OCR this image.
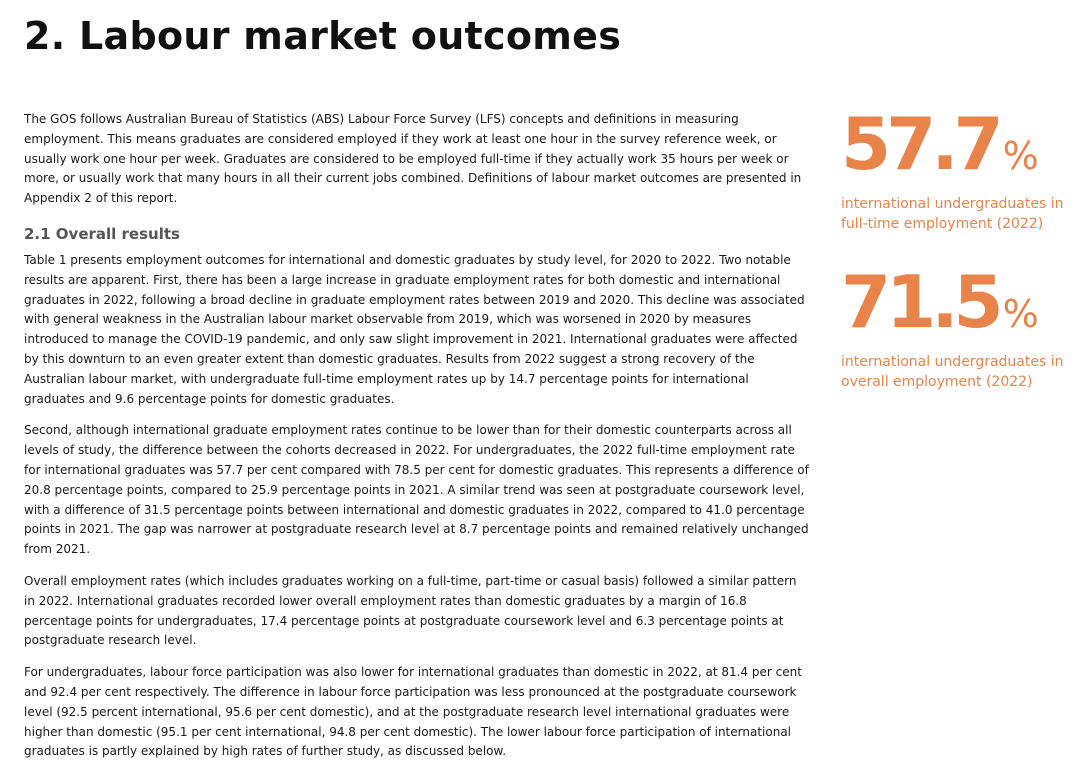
2. Labour market outcomes

The GOS follows Australian Bureau of Statistics (ABS) Labour Force Survey (LFS) concepts and definitions in measuring employment. This means graduates are considered employed if they work at least one hour in the survey reference week, or usually work one hour per week. Graduates are considered to be employed full-time if they actually work 35 hours per week or more, or usually work that many hours in all their current jobs combined. Definitions of labour market outcomes are presented in Appendix 2 of this report.

2.1 Overall results

Table 1 presents employment outcomes for international and domestic graduates by study level, for 2020 to 2022. Two notable results are apparent. First, there has been a large increase in graduate employment rates for both domestic and international graduates in 2022, following a broad decline in graduate employment rates between 2019 and 2020. This decline was associated with general weakness in the Australian labour market observable from 2019, which was worsened in 2020 by measures introduced to manage the COVID-19 pandemic, and only saw slight improvement in 2021. International graduates were affected by this downturn to an even greater extent than domestic graduates. Results from 2022 suggest a strong recovery of the Australian labour market, with undergraduate full-time employment rates up by 14.7 percentage points for international graduates and 9.6 percentage points for domestic graduates.

Second, although international graduate employment rates continue to be lower than for their domestic counterparts across all levels of study, the difference between the cohorts decreased in 2022. For undergraduates, the 2022 full-time employment rate for international graduates was 57.7 per cent compared with 78.5 per cent for domestic graduates. This represents a difference of 20.8 percentage points, compared to 25.9 percentage points in 2021. A similar trend was seen at postgraduate coursework level, with a difference of 31.5 percentage points between international and domestic graduates in 2022, compared to 41.0 percentage points in 2021. The gap was narrower at postgraduate research level at 8.7 percentage points and remained relatively unchanged from 2021.

Overall employment rates (which includes graduates working on a full-time, part-time or casual basis) followed a similar pattern in 2022. International graduates recorded lower overall employment rates than domestic graduates by a margin of 16.8 percentage points for undergraduates, 17.4 percentage points at postgraduate coursework level and 6.3 percentage points at postgraduate research level.

For undergraduates, labour force participation was also lower for international graduates than domestic in 2022, at 81.4 per cent and 92.4 per cent respectively. The difference in labour force participation was less pronounced at the postgraduate coursework level (92.5 percent international, 95.6 per cent domestic), and at the postgraduate research level international graduates were higher than domestic (95.1 per cent international, 94.8 per cent domestic). The lower labour force participation of international graduates is partly explained by high rates of further study, as discussed below.

57.7 %
international undergraduates in full-time employment (2022)
71.5 %
international undergraduates in overall employment (2022)
